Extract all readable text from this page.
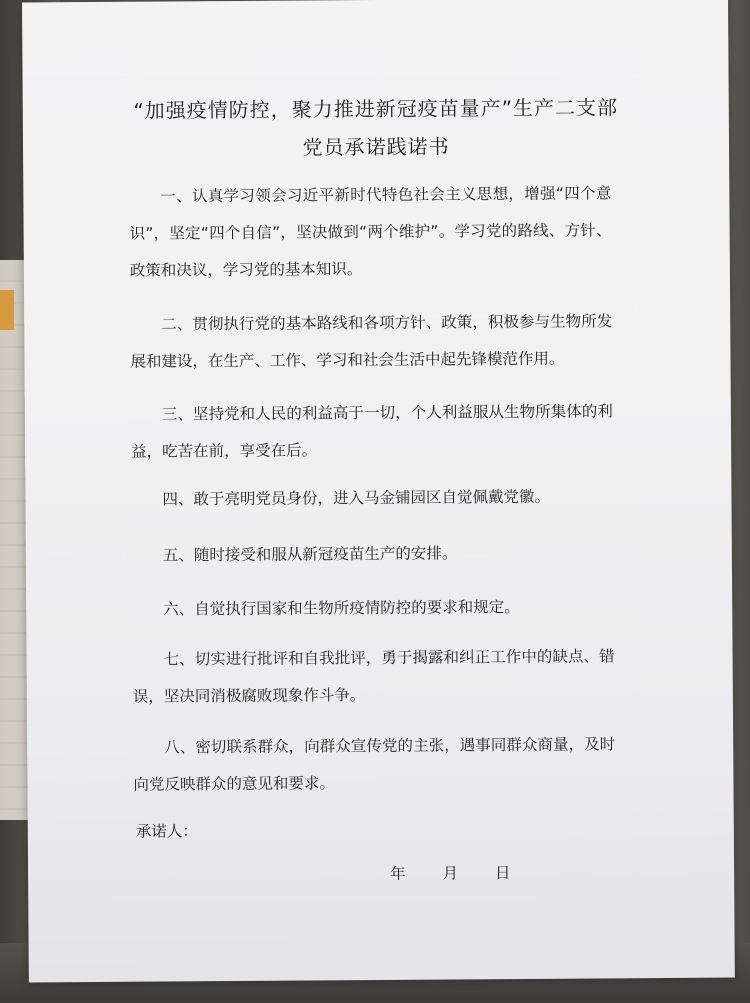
“加强疫情防控，聚力推进新冠疫苗量产”生产二支部
党员承诺践诺书

一、认真学习领会习近平新时代特色社会主义思想，增强“四个意识”，坚定“四个自信”，坚决做到“两个维护”。学习党的路线、方针、政策和决议，学习党的基本知识。

二、贯彻执行党的基本路线和各项方针、政策，积极参与生物所发展和建设，在生产、工作、学习和社会生活中起先锋模范作用。

三、坚持党和人民的利益高于一切，个人利益服从生物所集体的利益，吃苦在前，享受在后。

四、敢于亮明党员身份，进入马金铺园区自觉佩戴党徽。

五、随时接受和服从新冠疫苗生产的安排。

六、自觉执行国家和生物所疫情防控的要求和规定。

七、切实进行批评和自我批评，勇于揭露和纠正工作中的缺点、错误，坚决同消极腐败现象作斗争。

八、密切联系群众，向群众宣传党的主张，遇事同群众商量，及时向党反映群众的意见和要求。

承诺人：
年 月 日
